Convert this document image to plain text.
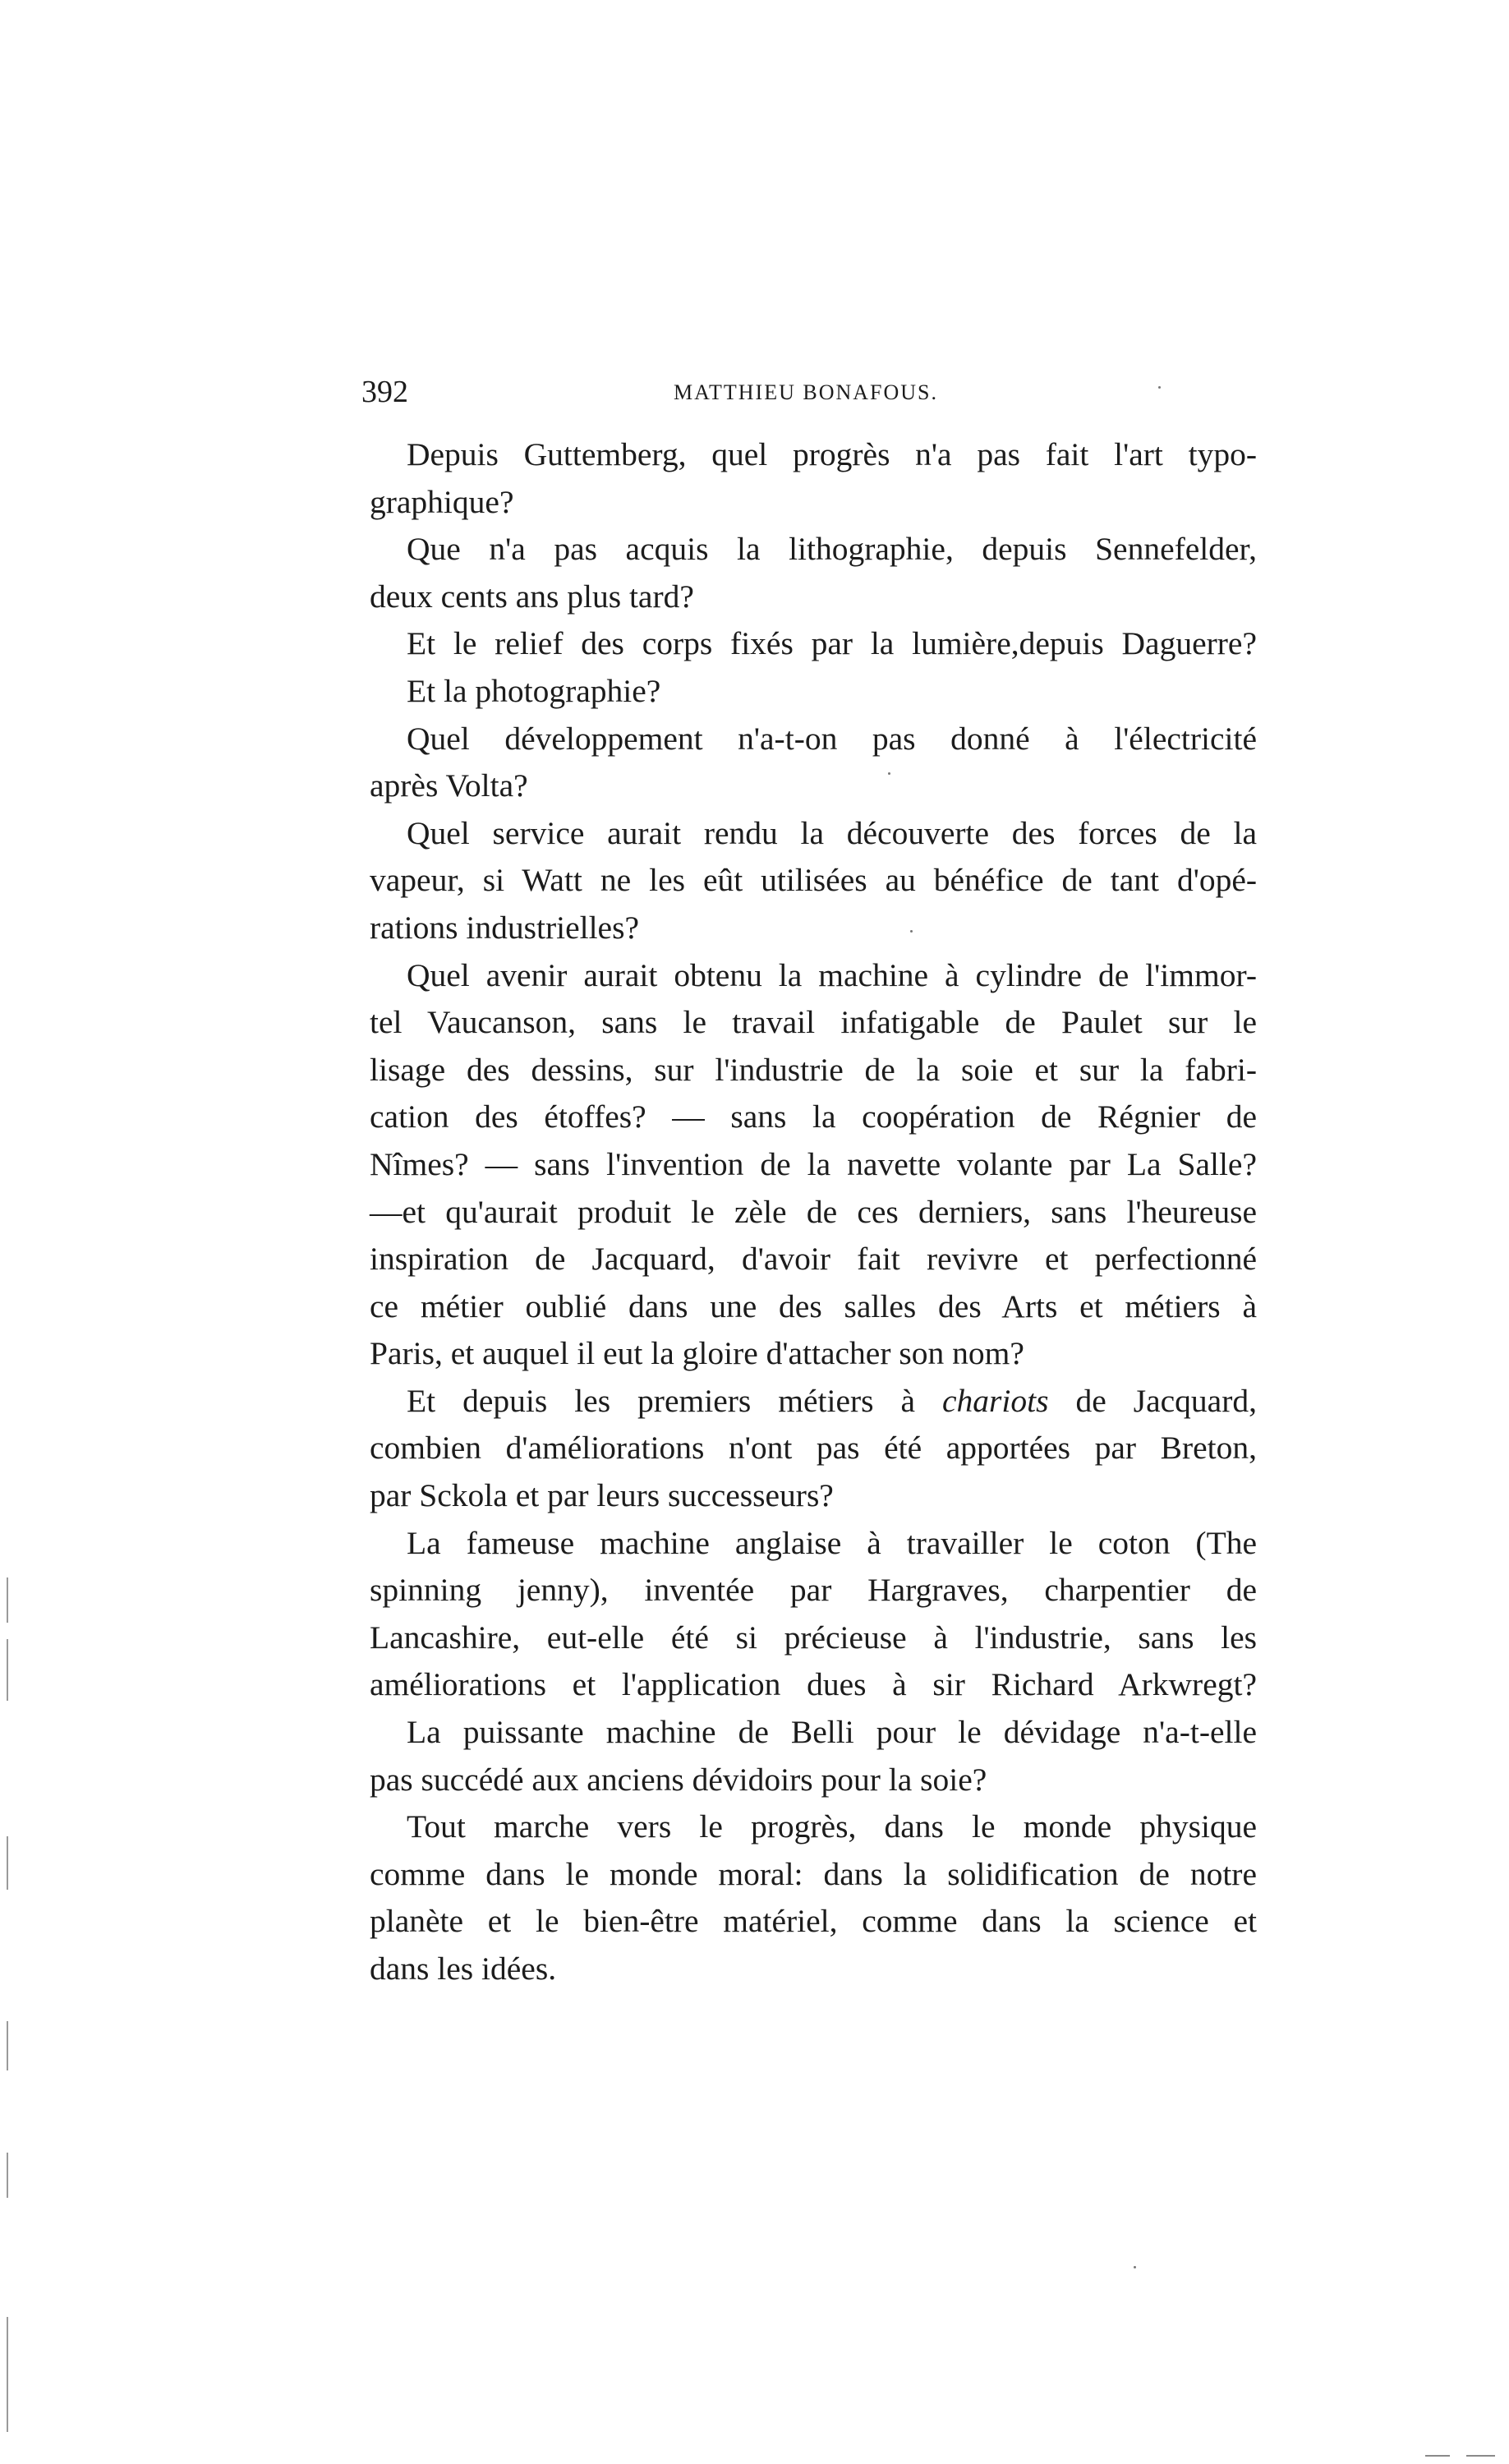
392	MATTHIEU BONAFOUS.
Depuis Guttemberg, quel progrès n'a pas fait l'art typo-
graphique?
Que n'a pas acquis la lithographie, depuis Sennefelder,
deux cents ans plus tard?
Et le relief des corps fixés par la lumière,depuis Daguerre?
Et la photographie?
Quel développement n'a-t-on pas donné à l'électricité
après Volta?
Quel service aurait rendu la découverte des forces de la
vapeur, si Watt ne les eût utilisées au bénéfice de tant d'opé-
rations industrielles?
Quel avenir aurait obtenu la machine à cylindre de l'immor-
tel Vaucanson, sans le travail infatigable de Paulet sur le
lisage des dessins, sur l'industrie de la soie et sur la fabri-
cation des étoffes? — sans la coopération de Régnier de
Nîmes? — sans l'invention de la navette volante par La Salle?
—et qu'aurait produit le zèle de ces derniers, sans l'heureuse
inspiration de Jacquard, d'avoir fait revivre et perfectionné
ce métier oublié dans une des salles des Arts et métiers à
Paris, et auquel il eut la gloire d'attacher son nom?
Et depuis les premiers métiers à chariots de Jacquard,
combien d'améliorations n'ont pas été apportées par Breton,
par Sckola et par leurs successeurs?
La fameuse machine anglaise à travailler le coton (The
spinning jenny), inventée par Hargraves, charpentier de
Lancashire, eut-elle été si précieuse à l'industrie, sans les
améliorations et l'application dues à sir Richard Arkwregt?
La puissante machine de Belli pour le dévidage n'a-t-elle
pas succédé aux anciens dévidoirs pour la soie?
Tout marche vers le progrès, dans le monde physique
comme dans le monde moral: dans la solidification de notre
planète et le bien-être matériel, comme dans la science et
dans les idées.
